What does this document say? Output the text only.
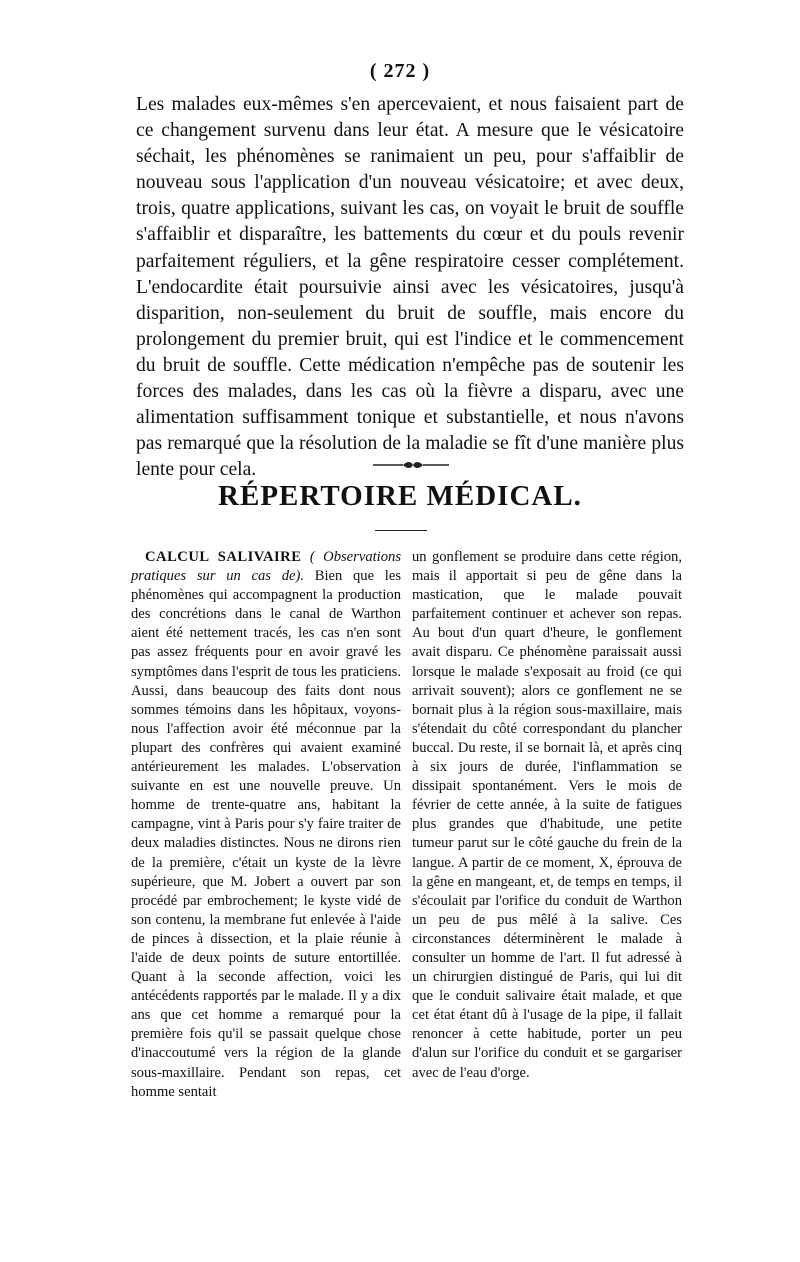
( 272 )

Les malades eux-mêmes s'en apercevaient, et nous faisaient part de ce changement survenu dans leur état. A mesure que le vésicatoire séchait, les phénomènes se ranimaient un peu, pour s'affaiblir de nouveau sous l'application d'un nouveau vésicatoire; et avec deux, trois, quatre applications, suivant les cas, on voyait le bruit de souffle s'affaiblir et disparaître, les battements du cœur et du pouls revenir parfaitement réguliers, et la gêne respiratoire cesser complétement. L'endocardite était poursuivie ainsi avec les vésicatoires, jusqu'à disparition, non-seulement du bruit de souffle, mais encore du prolongement du premier bruit, qui est l'indice et le commencement du bruit de souffle. Cette médication n'empêche pas de soutenir les forces des malades, dans les cas où la fièvre a disparu, avec une alimentation suffisamment tonique et substantielle, et nous n'avons pas remarqué que la résolution de la maladie se fît d'une manière plus lente pour cela.

RÉPERTOIRE MÉDICAL.

CALCUL SALIVAIRE ( Observations pratiques sur un cas de). Bien que les phénomènes qui accompagnent la production des concrétions dans le canal de Warthon aient été nettement tracés, les cas n'en sont pas assez fréquents pour en avoir gravé les symptômes dans l'esprit de tous les praticiens. Aussi, dans beaucoup des faits dont nous sommes témoins dans les hôpitaux, voyons-nous l'affection avoir été méconnue par la plupart des confrères qui avaient examiné antérieurement les malades. L'observation suivante en est une nouvelle preuve. Un homme de trente-quatre ans, habitant la campagne, vint à Paris pour s'y faire traiter de deux maladies distinctes. Nous ne dirons rien de la première, c'était un kyste de la lèvre supérieure, que M. Jobert a ouvert par son procédé par embrochement; le kyste vidé de son contenu, la membrane fut enlevée à l'aide de pinces à dissection, et la plaie réunie à l'aide de deux points de suture entortillée. Quant à la seconde affection, voici les antécédents rapportés par le malade. Il y a dix ans que cet homme a remarqué pour la première fois qu'il se passait quelque chose d'inaccoutumé vers la région de la glande sous-maxillaire. Pendant son repas, cet homme sentait

un gonflement se produire dans cette région, mais il apportait si peu de gêne dans la mastication, que le malade pouvait parfaitement continuer et achever son repas. Au bout d'un quart d'heure, le gonflement avait disparu. Ce phénomène paraissait aussi lorsque le malade s'exposait au froid (ce qui arrivait souvent); alors ce gonflement ne se bornait plus à la région sous-maxillaire, mais s'étendait du côté correspondant du plancher buccal. Du reste, il se bornait là, et après cinq à six jours de durée, l'inflammation se dissipait spontanément. Vers le mois de février de cette année, à la suite de fatigues plus grandes que d'habitude, une petite tumeur parut sur le côté gauche du frein de la langue. A partir de ce moment, X, éprouva de la gêne en mangeant, et, de temps en temps, il s'écoulait par l'orifice du conduit de Warthon un peu de pus mêlé à la salive. Ces circonstances déterminèrent le malade à consulter un homme de l'art. Il fut adressé à un chirurgien distingué de Paris, qui lui dit que le conduit salivaire était malade, et que cet état étant dû à l'usage de la pipe, il fallait renoncer à cette habitude, porter un peu d'alun sur l'orifice du conduit et se gargariser avec de l'eau d'orge.
